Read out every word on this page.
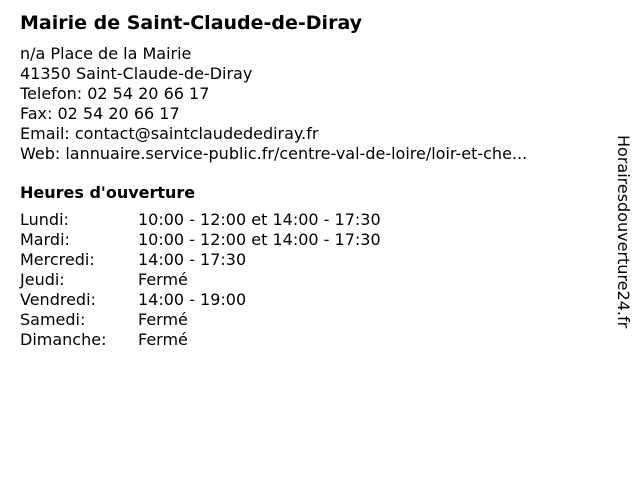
Mairie de Saint-Claude-de-Diray
n/a Place de la Mairie
41350 Saint-Claude-de-Diray
Telefon: 02 54 20 66 17
Fax: 02 54 20 66 17
Email: contact@saintclaudedediray.fr
Web: lannuaire.service-public.fr/centre-val-de-loire/loir-et-che...
Heures d'ouverture
Lundi:	10:00 - 12:00 et 14:00 - 17:30
Mardi:	10:00 - 12:00 et 14:00 - 17:30
Mercredi:	14:00 - 17:30
Jeudi:	Fermé
Vendredi:	14:00 - 19:00
Samedi:	Fermé
Dimanche:	Fermé
Horairesdouverture24.fr
